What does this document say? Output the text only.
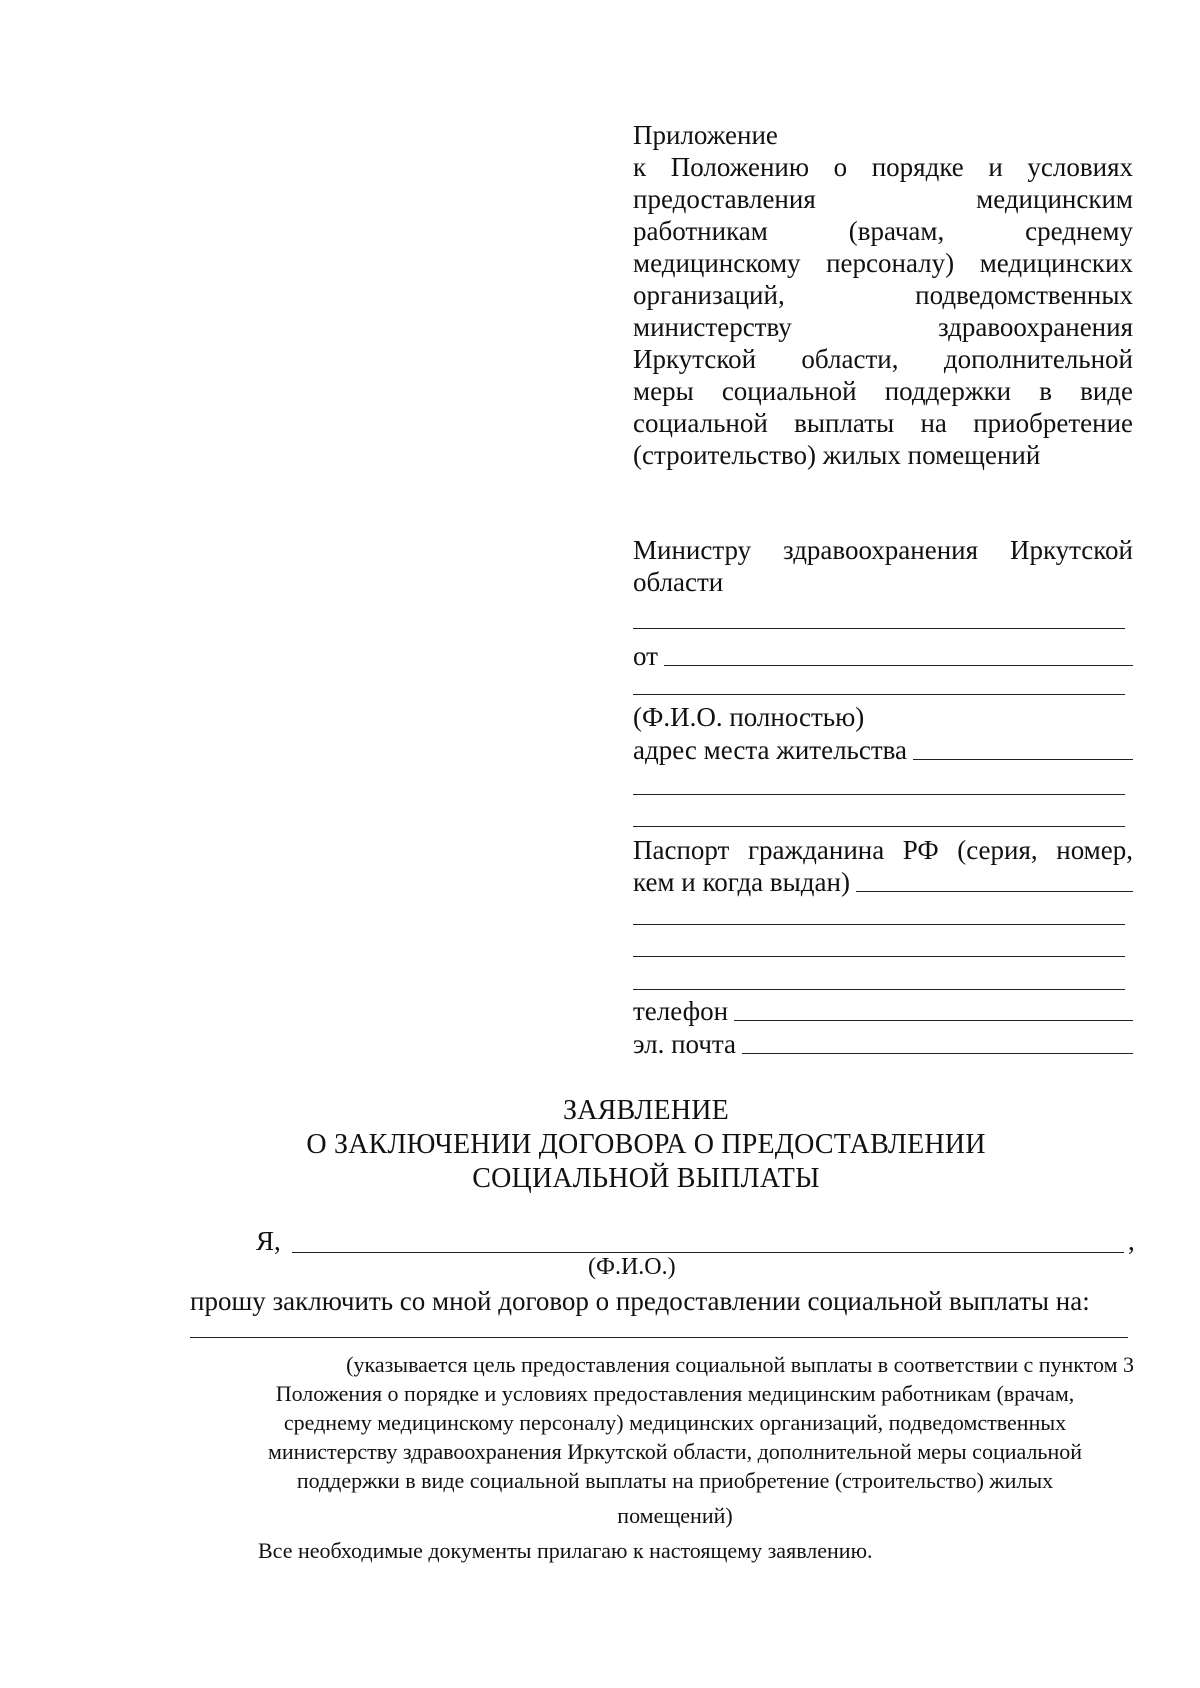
Приложение
к Положению о порядке и условиях
предоставления медицинским
работникам (врачам, среднему
медицинскому персоналу) медицинских
организаций, подведомственных
министерству здравоохранения
Иркутской области, дополнительной
меры социальной поддержки в виде
социальной выплаты на приобретение
(строительство) жилых помещений
Министру здравоохранения Иркутской
области
от
(Ф.И.О. полностью)
адрес места жительства
Паспорт гражданина РФ (серия, номер,
кем и когда выдан)
телефон
эл. почта
ЗАЯВЛЕНИЕ
О ЗАКЛЮЧЕНИИ ДОГОВОРА О ПРЕДОСТАВЛЕНИИ
СОЦИАЛЬНОЙ ВЫПЛАТЫ
Я,	,
(Ф.И.О.)
прошу заключить со мной договор о предоставлении социальной выплаты на:
(указывается цель предоставления социальной выплаты в соответствии с пунктом 3
Положения о порядке и условиях предоставления медицинским работникам (врачам,
среднему медицинскому персоналу) медицинских организаций, подведомственных
министерству здравоохранения Иркутской области, дополнительной меры социальной
поддержки в виде социальной выплаты на приобретение (строительство) жилых
помещений)
Все необходимые документы прилагаю к настоящему заявлению.
